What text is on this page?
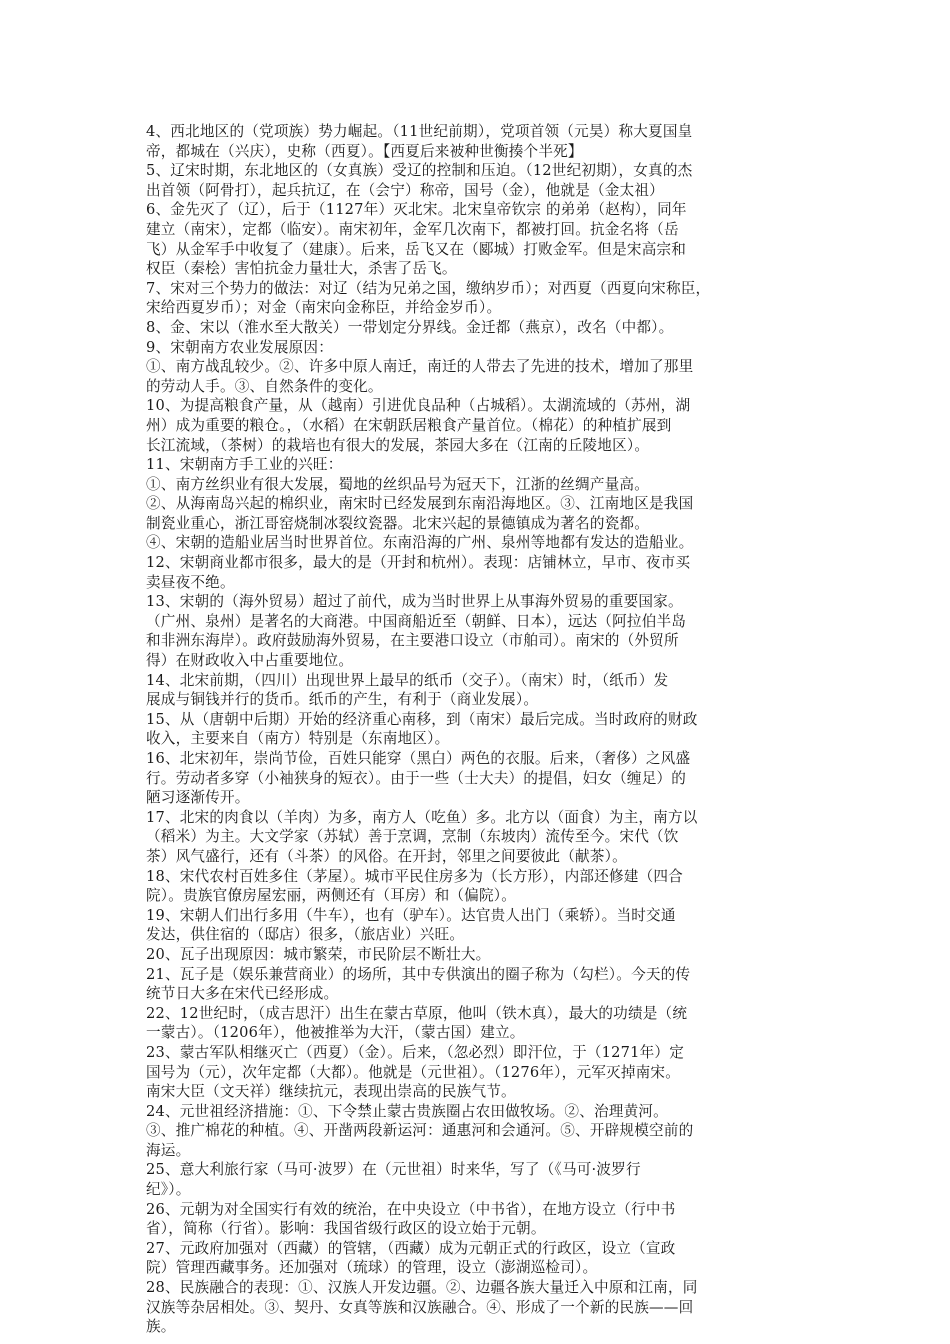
4、西北地区的（党项族）势力崛起。（11世纪前期），党项首领（元昊）称大夏国皇

帝，都城在（兴庆），史称（西夏）。【西夏后来被种世衡揍个半死】

5、辽宋时期，东北地区的（女真族）受辽的控制和压迫。（12世纪初期），女真的杰

出首领（阿骨打），起兵抗辽，在（会宁）称帝，国号（金），他就是（金太祖）

6、金先灭了（辽），后于（1127年）灭北宋。北宋皇帝钦宗 的弟弟（赵构），同年

建立（南宋），定都（临安）。南宋初年，金军几次南下，都被打回。抗金名将（岳

飞）从金军手中收复了（建康）。后来，岳飞又在（郾城）打败金军。但是宋高宗和

权臣（秦桧）害怕抗金力量壮大，杀害了岳飞。

7、宋对三个势力的做法：对辽（结为兄弟之国，缴纳岁币）；对西夏（西夏向宋称臣，

宋给西夏岁币）；对金（南宋向金称臣，并给金岁币）。

8、金、宋以（淮水至大散关）一带划定分界线。金迁都（燕京），改名（中都）。

9、宋朝南方农业发展原因：

①、南方战乱较少。②、许多中原人南迁，南迁的人带去了先进的技术，增加了那里

的劳动人手。③、自然条件的变化。

10、为提高粮食产量，从（越南）引进优良品种（占城稻）。太湖流域的（苏州，湖

州）成为重要的粮仓。，（水稻）在宋朝跃居粮食产量首位。（棉花）的种植扩展到

长江流域，（茶树）的栽培也有很大的发展，茶园大多在（江南的丘陵地区）。

11、宋朝南方手工业的兴旺：

①、南方丝织业有很大发展，蜀地的丝织品号为冠天下，江浙的丝绸产量高。

②、从海南岛兴起的棉织业，南宋时已经发展到东南沿海地区。③、江南地区是我国

制瓷业重心，浙江哥窑烧制冰裂纹瓷器。北宋兴起的景德镇成为著名的瓷都。

④、宋朝的造船业居当时世界首位。东南沿海的广州、泉州等地都有发达的造船业。

12、宋朝商业都市很多，最大的是（开封和杭州）。表现：店铺林立，早市、夜市买

卖昼夜不绝。

13、宋朝的（海外贸易）超过了前代，成为当时世界上从事海外贸易的重要国家。

（广州、泉州）是著名的大商港。中国商船近至（朝鲜、日本），远达（阿拉伯半岛

和非洲东海岸）。政府鼓励海外贸易，在主要港口设立（市舶司）。南宋的（外贸所

得）在财政收入中占重要地位。

14、北宋前期，（四川）出现世界上最早的纸币（交子）。（南宋）时，（纸币）发

展成与铜钱并行的货币。纸币的产生，有利于（商业发展）。

15、从（唐朝中后期）开始的经济重心南移，到（南宋）最后完成。当时政府的财政

收入，主要来自（南方）特别是（东南地区）。

16、北宋初年，崇尚节俭，百姓只能穿（黑白）两色的衣服。后来，（奢侈）之风盛

行。劳动者多穿（小袖狭身的短衣）。由于一些（士大夫）的提倡，妇女（缠足）的

陋习逐渐传开。

17、北宋的肉食以（羊肉）为多，南方人（吃鱼）多。北方以（面食）为主，南方以

（稻米）为主。大文学家（苏轼）善于烹调，烹制（东坡肉）流传至今。宋代（饮

茶）风气盛行，还有（斗茶）的风俗。在开封，邻里之间要彼此（献茶）。

18、宋代农村百姓多住（茅屋）。城市平民住房多为（长方形），内部还修建（四合

院）。贵族官僚房屋宏丽，两侧还有（耳房）和（偏院）。

19、宋朝人们出行多用（牛车），也有（驴车）。达官贵人出门（乘轿）。当时交通

发达，供住宿的（邸店）很多，（旅店业）兴旺。

20、瓦子出现原因：城市繁荣，市民阶层不断壮大。

21、瓦子是（娱乐兼营商业）的场所，其中专供演出的圈子称为（勾栏）。今天的传

统节日大多在宋代已经形成。

22、12世纪时，（成吉思汗）出生在蒙古草原，他叫（铁木真），最大的功绩是（统

一蒙古）。（1206年），他被推举为大汗，（蒙古国）建立。

23、蒙古军队相继灭亡（西夏）（金）。后来，（忽必烈）即汗位，于（1271年）定

国号为（元），次年定都（大都）。他就是（元世祖）。（1276年），元军灭掉南宋。

南宋大臣（文天祥）继续抗元，表现出崇高的民族气节。

24、元世祖经济措施：①、下令禁止蒙古贵族圈占农田做牧场。②、治理黄河。

③、推广棉花的种植。④、开凿两段新运河：通惠河和会通河。⑤、开辟规模空前的

海运。

25、意大利旅行家（马可·波罗）在（元世祖）时来华，写了（《马可·波罗行

纪》）。

26、元朝为对全国实行有效的统治，在中央设立（中书省），在地方设立（行中书

省），简称（行省）。影响：我国省级行政区的设立始于元朝。

27、元政府加强对（西藏）的管辖，（西藏）成为元朝正式的行政区，设立（宣政

院）管理西藏事务。还加强对（琉球）的管理，设立（澎湖巡检司）。

28、民族融合的表现：①、汉族人开发边疆。②、边疆各族大量迁入中原和江南，同

汉族等杂居相处。③、契丹、女真等族和汉族融合。④、形成了一个新的民族——回

族。
